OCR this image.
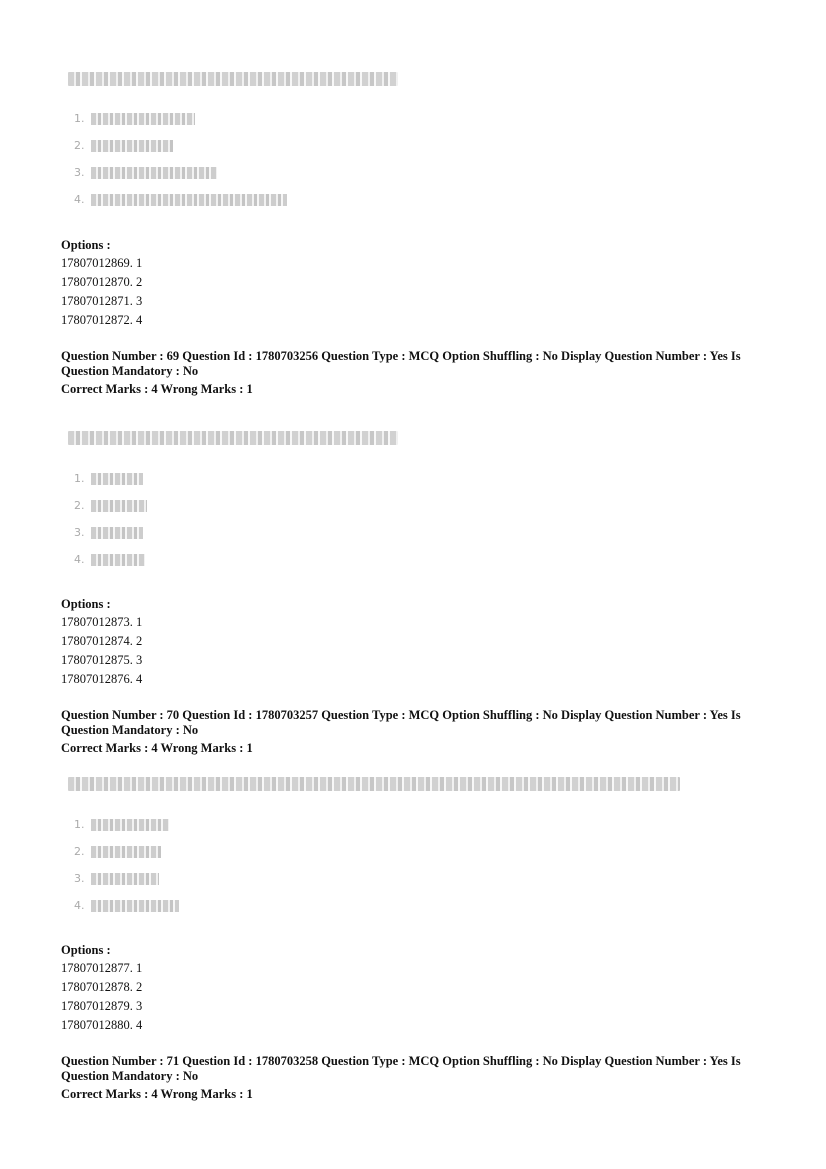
1.
2.
3.
4.
Options :
17807012869. 1
17807012870. 2
17807012871. 3
17807012872. 4
Question Number : 69 Question Id : 1780703256 Question Type : MCQ Option Shuffling : No Display Question Number : Yes Is
Question Mandatory : No
Correct Marks : 4 Wrong Marks : 1
1.
2.
3.
4.
Options :
17807012873. 1
17807012874. 2
17807012875. 3
17807012876. 4
Question Number : 70 Question Id : 1780703257 Question Type : MCQ Option Shuffling : No Display Question Number : Yes Is
Question Mandatory : No
Correct Marks : 4 Wrong Marks : 1
1.
2.
3.
4.
Options :
17807012877. 1
17807012878. 2
17807012879. 3
17807012880. 4
Question Number : 71 Question Id : 1780703258 Question Type : MCQ Option Shuffling : No Display Question Number : Yes Is
Question Mandatory : No
Correct Marks : 4 Wrong Marks : 1
